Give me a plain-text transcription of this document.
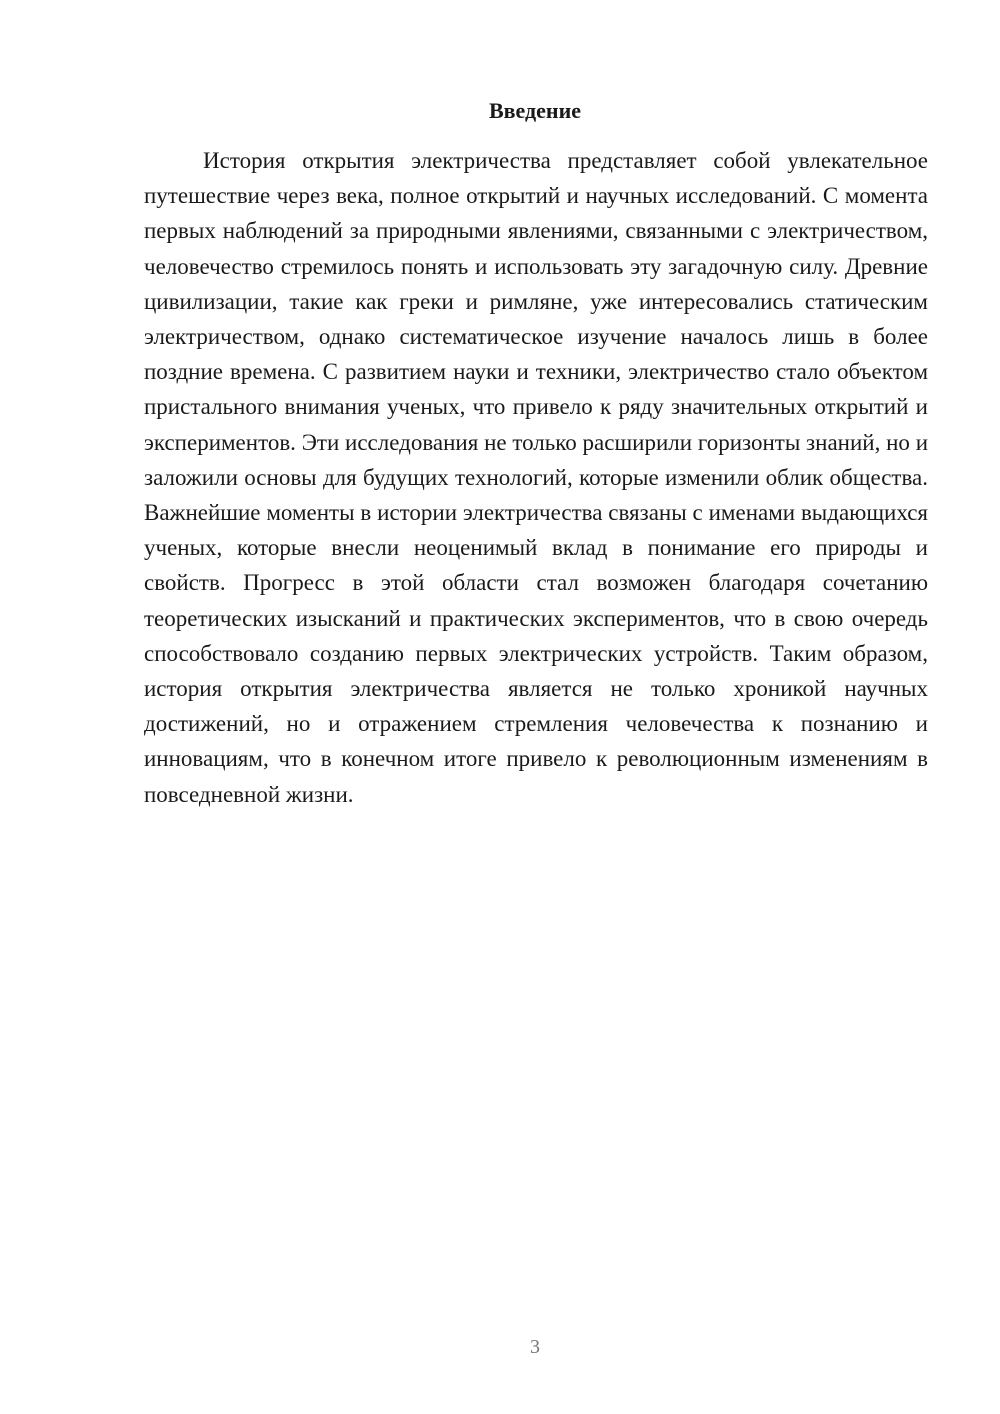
Введение

История открытия электричества представляет собой увлекательное путешествие через века, полное открытий и научных исследований. С момента первых наблюдений за природными явлениями, связанными с электричеством, человечество стремилось понять и использовать эту загадочную силу. Древние цивилизации, такие как греки и римляне, уже интересовались статическим электричеством, однако систематическое изучение началось лишь в более поздние времена. С развитием науки и техники, электричество стало объектом пристального внимания ученых, что привело к ряду значительных открытий и экспериментов. Эти исследования не только расширили горизонты знаний, но и заложили основы для будущих технологий, которые изменили облик общества. Важнейшие моменты в истории электричества связаны с именами выдающихся ученых, которые внесли неоценимый вклад в понимание его природы и свойств. Прогресс в этой области стал возможен благодаря сочетанию теоретических изысканий и практических экспериментов, что в свою очередь способствовало созданию первых электрических устройств. Таким образом, история открытия электричества является не только хроникой научных достижений, но и отражением стремления человечества к познанию и инновациям, что в конечном итоге привело к революционным изменениям в повседневной жизни.

3
